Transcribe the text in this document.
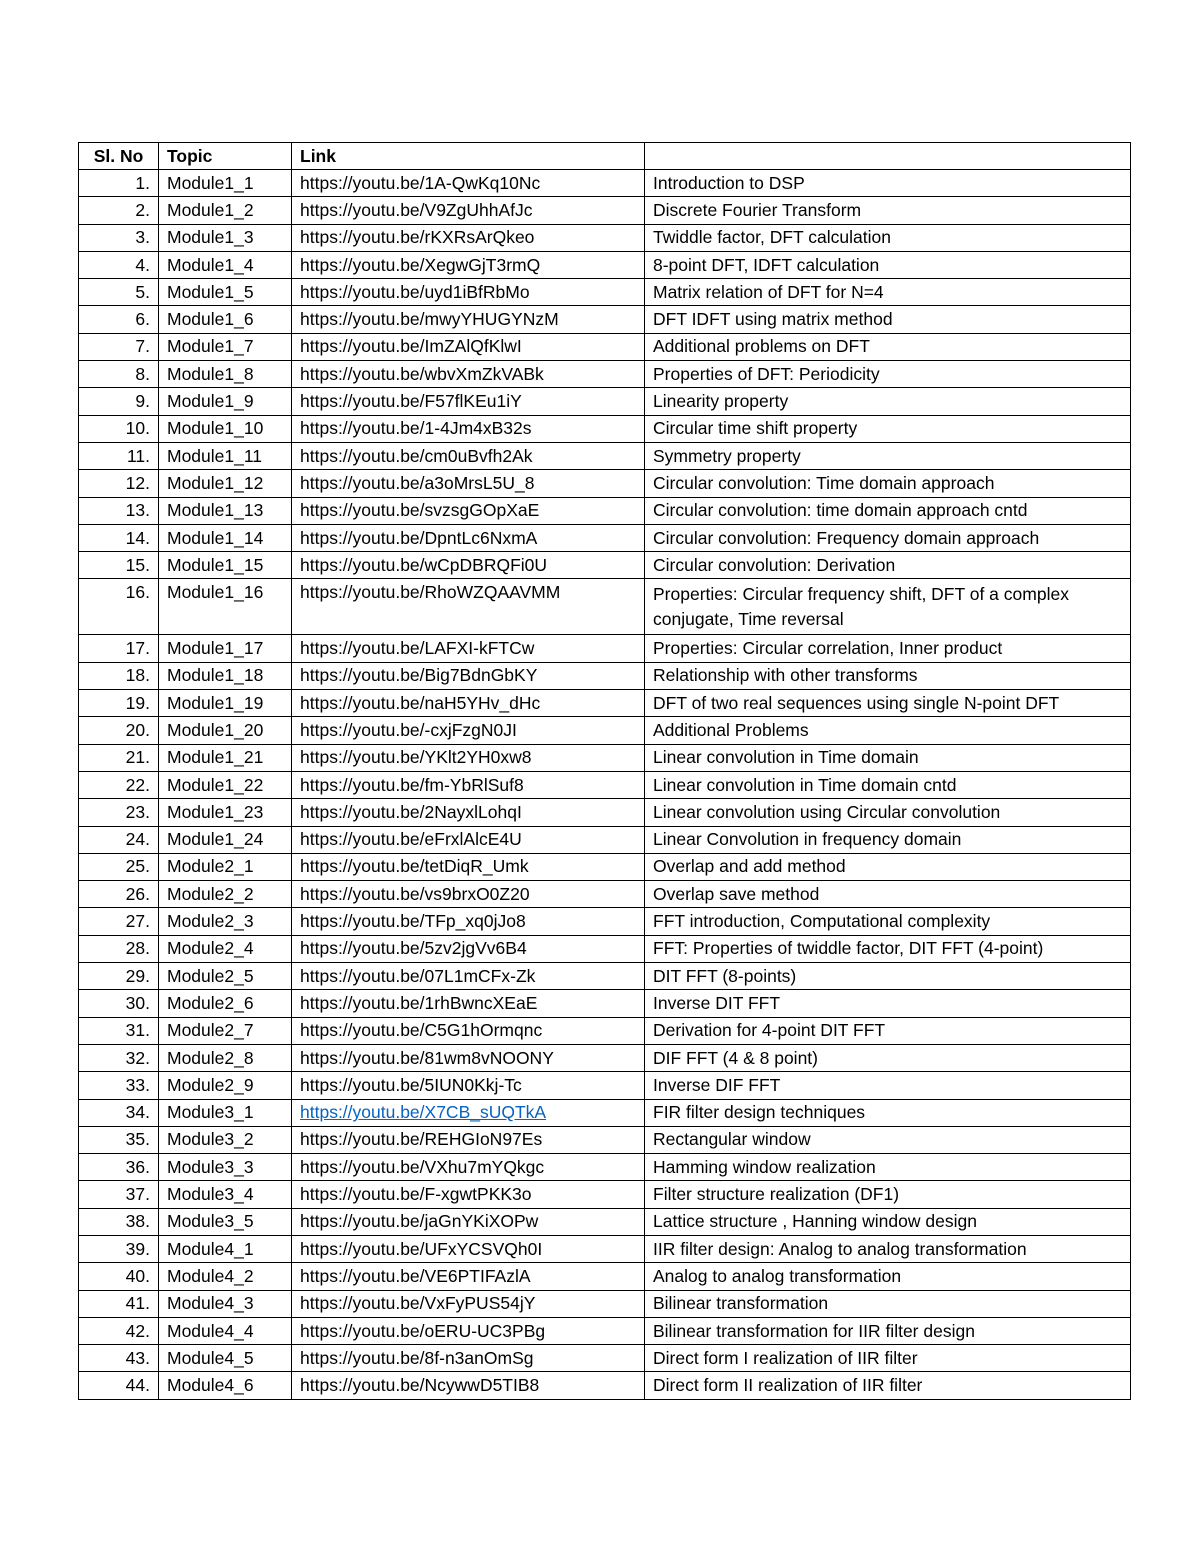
Sl. No	Topic	Link	
1.	Module1_1	https://youtu.be/1A-QwKq10Nc	Introduction to DSP
2.	Module1_2	https://youtu.be/V9ZgUhhAfJc	Discrete Fourier Transform
3.	Module1_3	https://youtu.be/rKXRsArQkeo	Twiddle factor, DFT calculation
4.	Module1_4	https://youtu.be/XegwGjT3rmQ	8-point DFT, IDFT calculation
5.	Module1_5	https://youtu.be/uyd1iBfRbMo	Matrix relation of DFT for N=4
6.	Module1_6	https://youtu.be/mwyYHUGYNzM	DFT IDFT using matrix method
7.	Module1_7	https://youtu.be/ImZAlQfKlwI	Additional problems on DFT
8.	Module1_8	https://youtu.be/wbvXmZkVABk	Properties of DFT: Periodicity
9.	Module1_9	https://youtu.be/F57flKEu1iY	Linearity property
10.	Module1_10	https://youtu.be/1-4Jm4xB32s	Circular time shift property
11.	Module1_11	https://youtu.be/cm0uBvfh2Ak	Symmetry property
12.	Module1_12	https://youtu.be/a3oMrsL5U_8	Circular convolution: Time domain approach
13.	Module1_13	https://youtu.be/svzsgGOpXaE	Circular convolution: time domain approach cntd
14.	Module1_14	https://youtu.be/DpntLc6NxmA	Circular convolution: Frequency domain approach
15.	Module1_15	https://youtu.be/wCpDBRQFi0U	Circular convolution: Derivation
16.	Module1_16	https://youtu.be/RhoWZQAAVMM	Properties: Circular frequency shift, DFT of a complex conjugate, Time reversal
17.	Module1_17	https://youtu.be/LAFXI-kFTCw	Properties: Circular correlation, Inner product
18.	Module1_18	https://youtu.be/Big7BdnGbKY	Relationship with other transforms
19.	Module1_19	https://youtu.be/naH5YHv_dHc	DFT of two real sequences using single N-point DFT
20.	Module1_20	https://youtu.be/-cxjFzgN0JI	Additional Problems
21.	Module1_21	https://youtu.be/YKlt2YH0xw8	Linear convolution in Time domain
22.	Module1_22	https://youtu.be/fm-YbRlSuf8	Linear convolution in Time domain cntd
23.	Module1_23	https://youtu.be/2NayxlLohqI	Linear convolution using Circular convolution
24.	Module1_24	https://youtu.be/eFrxlAlcE4U	Linear Convolution in frequency domain
25.	Module2_1	https://youtu.be/tetDiqR_Umk	Overlap and add method
26.	Module2_2	https://youtu.be/vs9brxO0Z20	Overlap save method
27.	Module2_3	https://youtu.be/TFp_xq0jJo8	FFT introduction, Computational complexity
28.	Module2_4	https://youtu.be/5zv2jgVv6B4	FFT: Properties of twiddle factor, DIT FFT (4-point)
29.	Module2_5	https://youtu.be/07L1mCFx-Zk	DIT FFT (8-points)
30.	Module2_6	https://youtu.be/1rhBwncXEaE	Inverse DIT FFT
31.	Module2_7	https://youtu.be/C5G1hOrmqnc	Derivation for 4-point DIT FFT
32.	Module2_8	https://youtu.be/81wm8vNOONY	DIF FFT (4 & 8 point)
33.	Module2_9	https://youtu.be/5IUN0Kkj-Tc	Inverse DIF FFT
34.	Module3_1	https://youtu.be/X7CB_sUQTkA	FIR filter design techniques
35.	Module3_2	https://youtu.be/REHGIoN97Es	Rectangular window
36.	Module3_3	https://youtu.be/VXhu7mYQkgc	Hamming window realization
37.	Module3_4	https://youtu.be/F-xgwtPKK3o	Filter structure realization (DF1)
38.	Module3_5	https://youtu.be/jaGnYKiXOPw	Lattice structure , Hanning window design
39.	Module4_1	https://youtu.be/UFxYCSVQh0I	IIR filter design: Analog to analog transformation
40.	Module4_2	https://youtu.be/VE6PTIFAzlA	Analog to analog transformation
41.	Module4_3	https://youtu.be/VxFyPUS54jY	Bilinear transformation
42.	Module4_4	https://youtu.be/oERU-UC3PBg	Bilinear transformation for IIR filter design
43.	Module4_5	https://youtu.be/8f-n3anOmSg	Direct form I realization of IIR filter
44.	Module4_6	https://youtu.be/NcywwD5TIB8	Direct form II realization of IIR filter
